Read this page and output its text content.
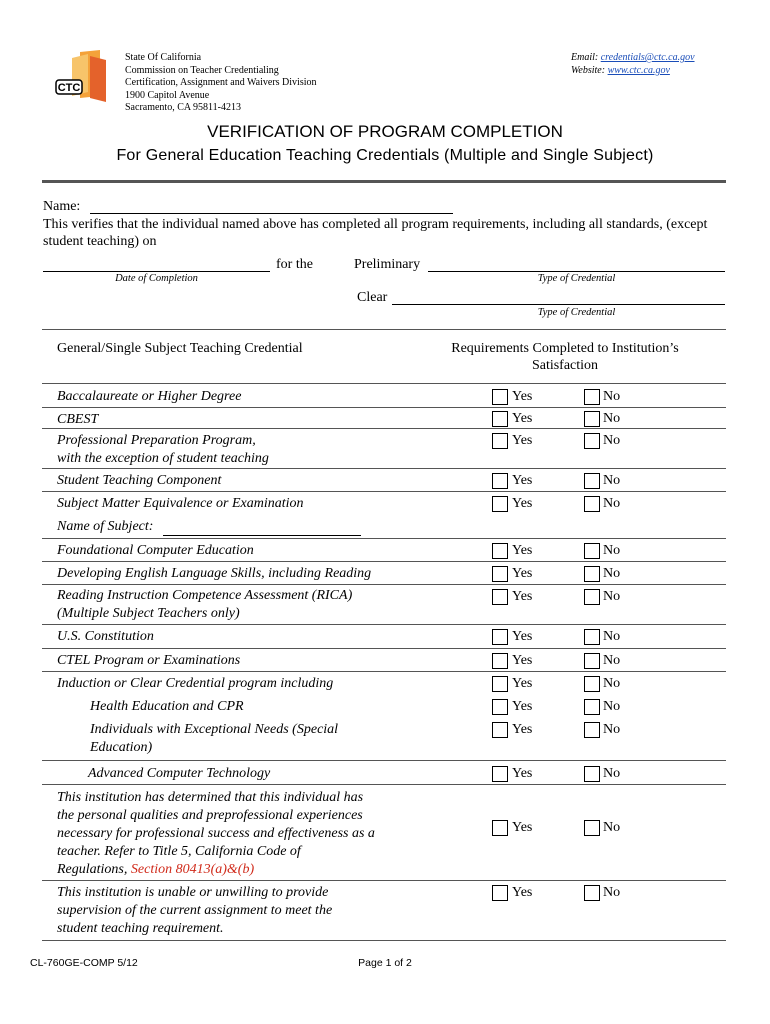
CTC
State Of California
Commission on Teacher Credentialing
Certification, Assignment and Waivers Division
1900 Capitol Avenue
Sacramento, CA 95811-4213
Email: credentials@ctc.ca.gov
Website: www.ctc.ca.gov
VERIFICATION OF PROGRAM COMPLETION
For General Education Teaching Credentials (Multiple and Single Subject)
Name:
This verifies that the individual named above has completed all program requirements, including all standards, (except student teaching) on
for the
Date of Completion
Preliminary
Type of Credential
Clear
Type of Credential
General/Single Subject Teaching Credential	Requirements Completed to Institution’s
Satisfaction
Baccalaureate or Higher Degree	Yes	No
CBEST	Yes	No
Professional Preparation Program,
with the exception of student teaching
Yes	No
Student Teaching Component	Yes	No
Subject Matter Equivalence or Examination	Yes	No
Name of Subject:
Foundational Computer Education	Yes	No
Developing English Language Skills, including Reading	Yes	No
Reading Instruction Competence Assessment (RICA)
(Multiple Subject Teachers only)
Yes	No
U.S. Constitution	Yes	No
CTEL Program or Examinations	Yes	No
Induction or Clear Credential program including	Yes	No
Health Education and CPR	Yes	No
Individuals with Exceptional Needs (Special
Education)
Yes	No
Advanced Computer Technology	Yes	No
This institution has determined that this individual has
the personal qualities and preprofessional experiences
necessary for professional success and effectiveness as a
teacher. Refer to Title 5, California Code of
Regulations, Section 80413(a)&(b)
Yes	No
This institution is unable or unwilling to provide
supervision of the current assignment to meet the
student teaching requirement.
Yes	No
CL-760GE-COMP 5/12	Page 1 of 2
